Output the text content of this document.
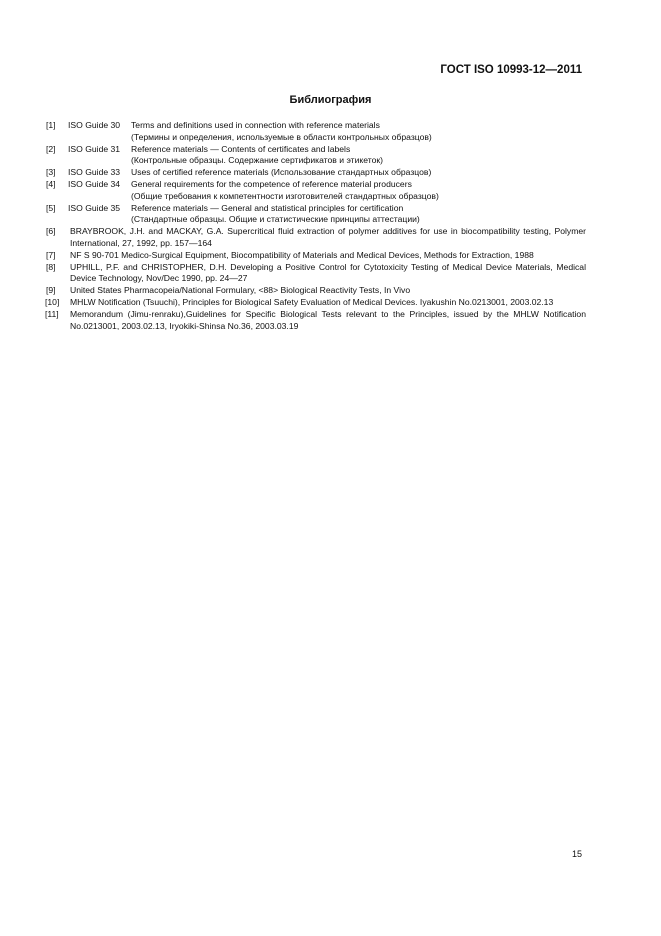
ГОСТ ISO 10993-12—2011
Библиография
[1]	ISO Guide 30 Terms and definitions used in connection with reference materials
(Термины и определения, используемые в области контрольных образцов)
[2]	ISO Guide 31 Reference materials — Contents of certificates and labels
(Контрольные образцы. Содержание сертификатов и этикеток)
[3]	ISO Guide 33 Uses of certified reference materials (Использование стандартных образцов)
[4]	ISO Guide 34 General requirements for the competence of reference material producers
(Общие требования к компетентности изготовителей стандартных образцов)
[5]	ISO Guide 35 Reference materials — General and statistical principles for certification
(Стандартные образцы. Общие и статистические принципы аттестации)
[6]	BRAYBROOK, J.H. and MACKAY, G.A. Supercritical fluid extraction of polymer additives for use in biocompatibility testing, Polymer International, 27, 1992, pp. 157—164
[7]	NF S 90-701 Medico-Surgical Equipment, Biocompatibility of Materials and Medical Devices, Methods for Extraction, 1988
[8]	UPHILL, P.F. and CHRISTOPHER, D.H. Developing a Positive Control for Cytotoxicity Testing of Medical Device Materials, Medical Device Technology, Nov/Dec 1990, pp. 24—27
[9]	United States Pharmacopeia/National Formulary, <88> Biological Reactivity Tests, In Vivo
[10]	MHLW Notification (Tsuuchi), Principles for Biological Safety Evaluation of Medical Devices. Iyakushin No.0213001, 2003.02.13
[11]	Memorandum (Jimu-renraku),Guidelines for Specific Biological Tests relevant to the Principles, issued by the MHLW Notification No.0213001, 2003.02.13, Iryokiki-Shinsa No.36, 2003.03.19
15
